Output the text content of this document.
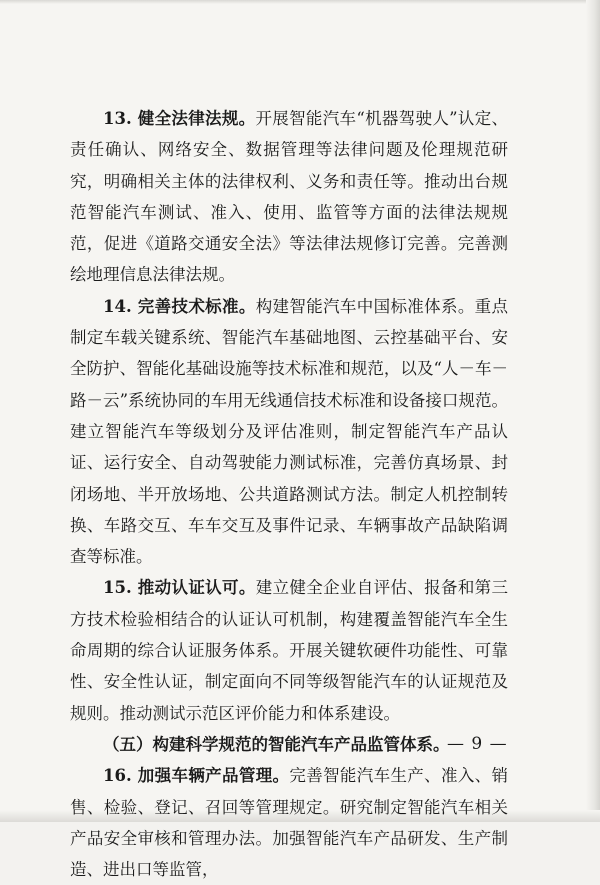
13. 健全法律法规。开展智能汽车“机器驾驶人”认定、责任确认、网络安全、数据管理等法律问题及伦理规范研究，明确相关主体的法律权利、义务和责任等。推动出台规范智能汽车测试、准入、使用、监管等方面的法律法规规范，促进《道路交通安全法》等法律法规修订完善。完善测绘地理信息法律法规。

14. 完善技术标准。构建智能汽车中国标准体系。重点制定车载关键系统、智能汽车基础地图、云控基础平台、安全防护、智能化基础设施等技术标准和规范，以及“人－车－路－云”系统协同的车用无线通信技术标准和设备接口规范。建立智能汽车等级划分及评估准则，制定智能汽车产品认证、运行安全、自动驾驶能力测试标准，完善仿真场景、封闭场地、半开放场地、公共道路测试方法。制定人机控制转换、车路交互、车车交互及事件记录、车辆事故产品缺陷调查等标准。

15. 推动认证认可。建立健全企业自评估、报备和第三方技术检验相结合的认证认可机制，构建覆盖智能汽车全生命周期的综合认证服务体系。开展关键软硬件功能性、可靠性、安全性认证，制定面向不同等级智能汽车的认证规范及规则。推动测试示范区评价能力和体系建设。

（五）构建科学规范的智能汽车产品监管体系。

16. 加强车辆产品管理。完善智能汽车生产、准入、销售、检验、登记、召回等管理规定。研究制定智能汽车相关产品安全审核和管理办法。加强智能汽车产品研发、生产制造、进出口等监管，

— 9 —
